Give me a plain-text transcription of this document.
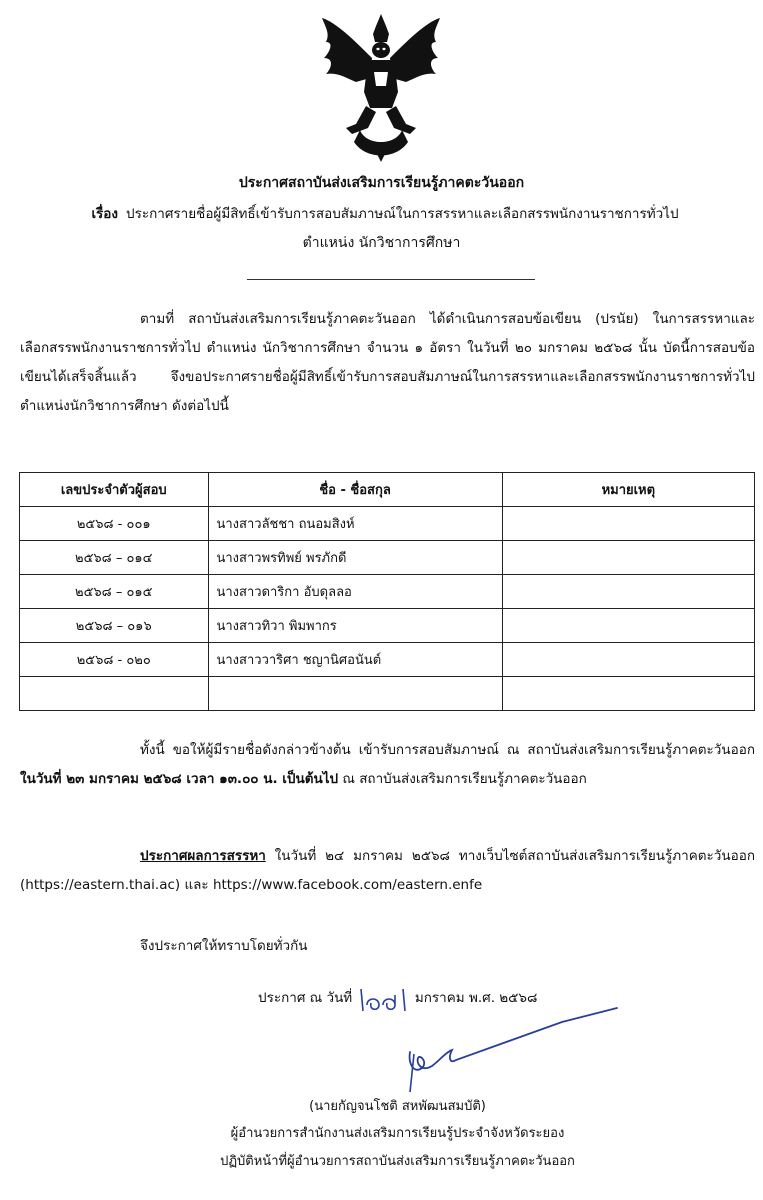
ประกาศสถาบันส่งเสริมการเรียนรู้ภาคตะวันออก
เรื่อง ประกาศรายชื่อผู้มีสิทธิ์เข้ารับการสอบสัมภาษณ์ในการสรรหาและเลือกสรรพนักงานราชการทั่วไป
ตำแหน่ง นักวิชาการศึกษา
ตามที่ สถาบันส่งเสริมการเรียนรู้ภาคตะวันออก ได้ดำเนินการสอบข้อเขียน (ปรนัย) ในการสรรหาและเลือกสรรพนักงานราชการทั่วไป ตำแหน่ง นักวิชาการศึกษา จำนวน ๑ อัตรา ในวันที่ ๒๐ มกราคม ๒๕๖๘ นั้น บัดนี้การสอบข้อเขียนได้เสร็จสิ้นแล้ว จึงขอประกาศรายชื่อผู้มีสิทธิ์เข้ารับการสอบสัมภาษณ์ในการสรรหาและเลือกสรรพนักงานราชการทั่วไป ตำแหน่งนักวิชาการศึกษา ดังต่อไปนี้
เลขประจำตัวผู้สอบ	ชื่อ - ชื่อสกุล	หมายเหตุ
๒๕๖๘ - ๐๐๑	นางสาวลัชชา ถนอมสิงห์	
๒๕๖๘ – ๐๑๔	นางสาวพรทิพย์ พรภักดี	
๒๕๖๘ – ๐๑๕	นางสาวดาริกา อับดุลลอ	
๒๕๖๘ – ๐๑๖	นางสาวทิวา พิมพากร	
๒๕๖๘ - ๐๒๐	นางสาววาริศา ชญานิศอนันต์	

ทั้งนี้ ขอให้ผู้มีรายชื่อดังกล่าวข้างต้น เข้ารับการสอบสัมภาษณ์ ณ สถาบันส่งเสริมการเรียนรู้ภาคตะวันออก ในวันที่ ๒๓ มกราคม ๒๕๖๘ เวลา ๑๓.๐๐ น. เป็นต้นไป ณ สถาบันส่งเสริมการเรียนรู้ภาคตะวันออก
ประกาศผลการสรรหา ในวันที่ ๒๔ มกราคม ๒๕๖๘ ทางเว็บไซต์สถาบันส่งเสริมการเรียนรู้ภาคตะวันออก (https://eastern.thai.ac) และ https://www.facebook.com/eastern.enfe
จึงประกาศให้ทราบโดยทั่วกัน
ประกาศ ณ วันที่	มกราคม พ.ศ. ๒๕๖๘
(นายกัญจนโชติ สหพัฒนสมบัติ)
ผู้อำนวยการสำนักงานส่งเสริมการเรียนรู้ประจำจังหวัดระยอง
ปฏิบัติหน้าที่ผู้อำนวยการสถาบันส่งเสริมการเรียนรู้ภาคตะวันออก
